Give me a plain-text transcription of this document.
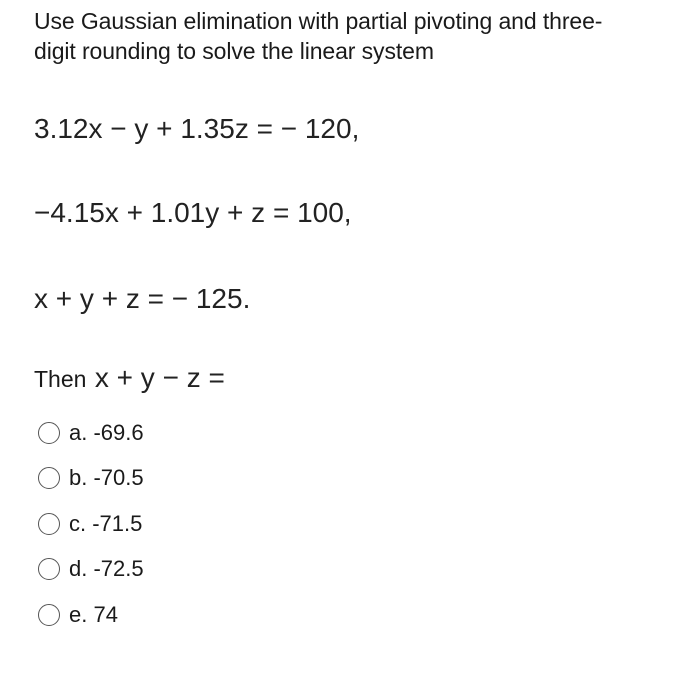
Use Gaussian elimination with partial pivoting and three-
digit rounding to solve the linear system
3.12x − y + 1.35z = − 120,
−4.15x + 1.01y + z = 100,
x + y + z = − 125.
Then x + y − z =
a. -69.6
b. -70.5
c. -71.5
d. -72.5
e. 74
